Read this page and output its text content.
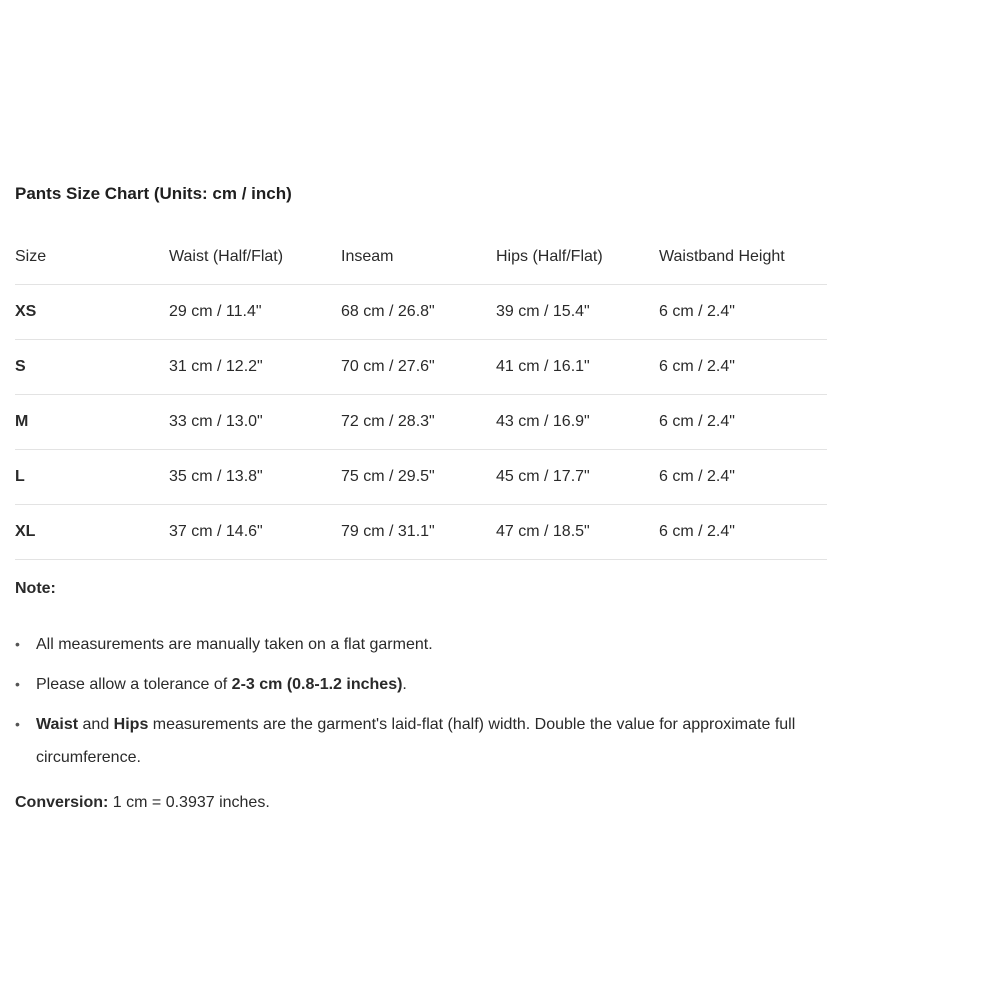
Pants Size Chart (Units: cm / inch)
Size	Waist (Half/Flat)	Inseam	Hips (Half/Flat)	Waistband Height
XS	29 cm / 11.4"	68 cm / 26.8"	39 cm / 15.4"	6 cm / 2.4"
S	31 cm / 12.2"	70 cm / 27.6"	41 cm / 16.1"	6 cm / 2.4"
M	33 cm / 13.0"	72 cm / 28.3"	43 cm / 16.9"	6 cm / 2.4"
L	35 cm / 13.8"	75 cm / 29.5"	45 cm / 17.7"	6 cm / 2.4"
XL	37 cm / 14.6"	79 cm / 31.1"	47 cm / 18.5"	6 cm / 2.4"
Note:
• All measurements are manually taken on a flat garment.
• Please allow a tolerance of 2-3 cm (0.8-1.2 inches).
• Waist and Hips measurements are the garment's laid-flat (half) width. Double the value for approximate full circumference.
Conversion: 1 cm = 0.3937 inches.
